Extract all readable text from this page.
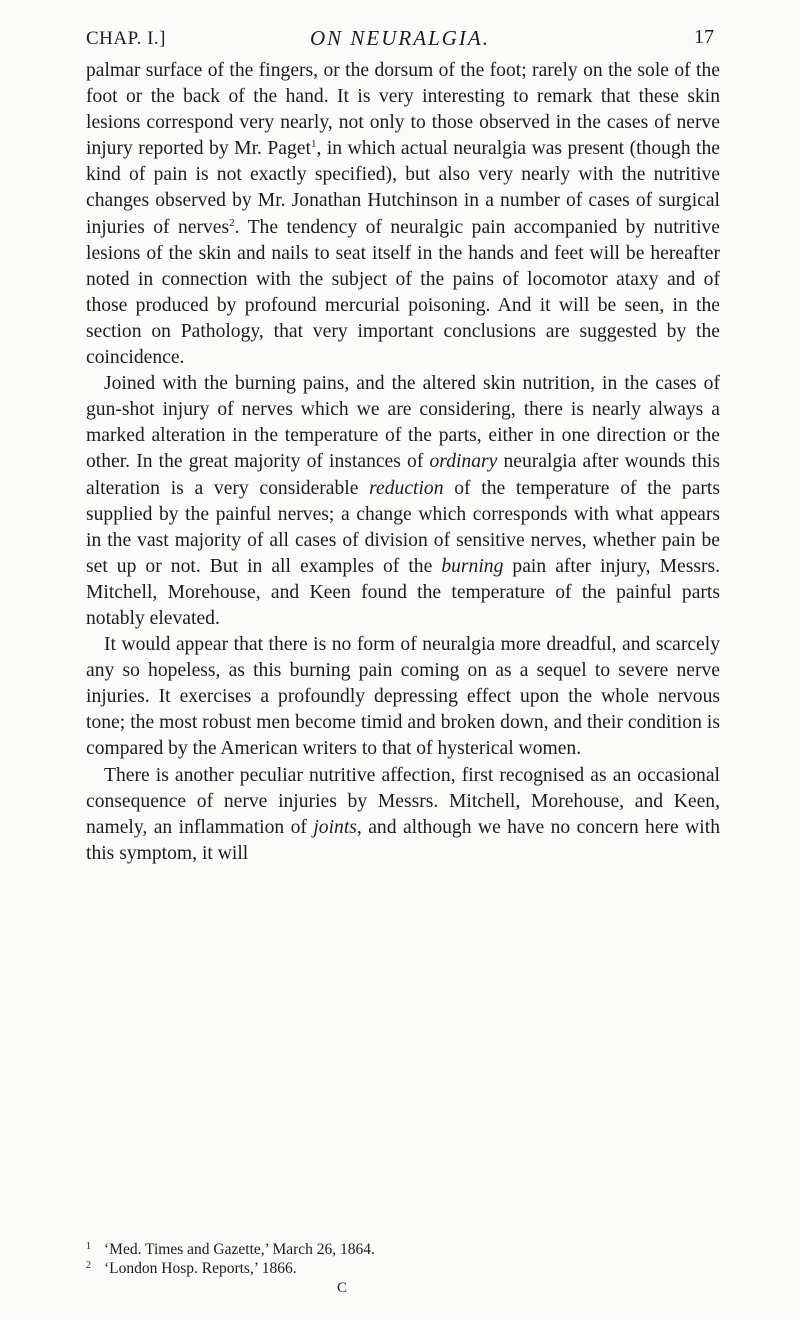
CHAP. I.]	ON NEURALGIA.	17

palmar surface of the fingers, or the dorsum of the foot; rarely on the sole of the foot or the back of the hand. It is very interesting to remark that these skin lesions correspond very nearly, not only to those observed in the cases of nerve injury reported by Mr. Paget$^1$, in which actual neuralgia was present (though the kind of pain is not exactly specified), but also very nearly with the nutritive changes observed by Mr. Jonathan Hutchinson in a number of cases of surgical injuries of nerves$^2$. The tendency of neuralgic pain accompanied by nutritive lesions of the skin and nails to seat itself in the hands and feet will be hereafter noted in connection with the subject of the pains of locomotor ataxy and of those produced by profound mercurial poisoning. And it will be seen, in the section on Pathology, that very important conclusions are suggested by the coincidence.

Joined with the burning pains, and the altered skin nutrition, in the cases of gun-shot injury of nerves which we are considering, there is nearly always a marked alteration in the temperature of the parts, either in one direction or the other. In the great majority of instances of ordinary neuralgia after wounds this alteration is a very considerable reduction of the temperature of the parts supplied by the painful nerves; a change which corresponds with what appears in the vast majority of all cases of division of sensitive nerves, whether pain be set up or not. But in all examples of the burning pain after injury, Messrs. Mitchell, Morehouse, and Keen found the temperature of the painful parts notably elevated.

It would appear that there is no form of neuralgia more dreadful, and scarcely any so hopeless, as this burning pain coming on as a sequel to severe nerve injuries. It exercises a profoundly depressing effect upon the whole nervous tone; the most robust men become timid and broken down, and their condition is compared by the American writers to that of hysterical women.

There is another peculiar nutritive affection, first recognised as an occasional consequence of nerve injuries by Messrs. Mitchell, Morehouse, and Keen, namely, an inflammation of joints, and although we have no concern here with this symptom, it will

1 ‘Med. Times and Gazette,’ March 26, 1864.
2 ‘London Hosp. Reports,’ 1866.
C
